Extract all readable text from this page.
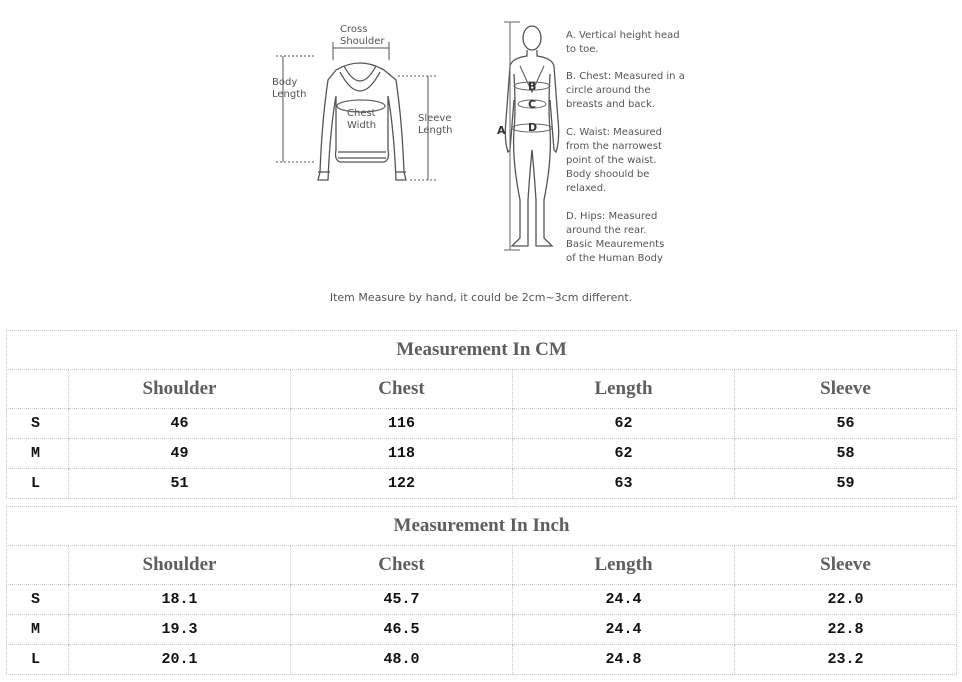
Cross
Shoulder
Body
Length
Chest
Width
Sleeve
Length	A
B
C
D
A. Vertical height head
to toe.
B. Chest: Measured in a
circle around the
breasts and back.
C. Waist: Measured
from the narrowest
point of the waist.
Body shoould be
relaxed.
D. Hips: Measured
around the rear.
Basic Meaurements
of the Human Body
Item Measure by hand, it could be 2cm~3cm different.
Measurement In CM				
	Shoulder	Chest	Length	Sleeve
S	46	116	62	56
M	49	118	62	58
L	51	122	63	59
Measurement In Inch				
	Shoulder	Chest	Length	Sleeve
S	18.1	45.7	24.4	22.0
M	19.3	46.5	24.4	22.8
L	20.1	48.0	24.8	23.2
